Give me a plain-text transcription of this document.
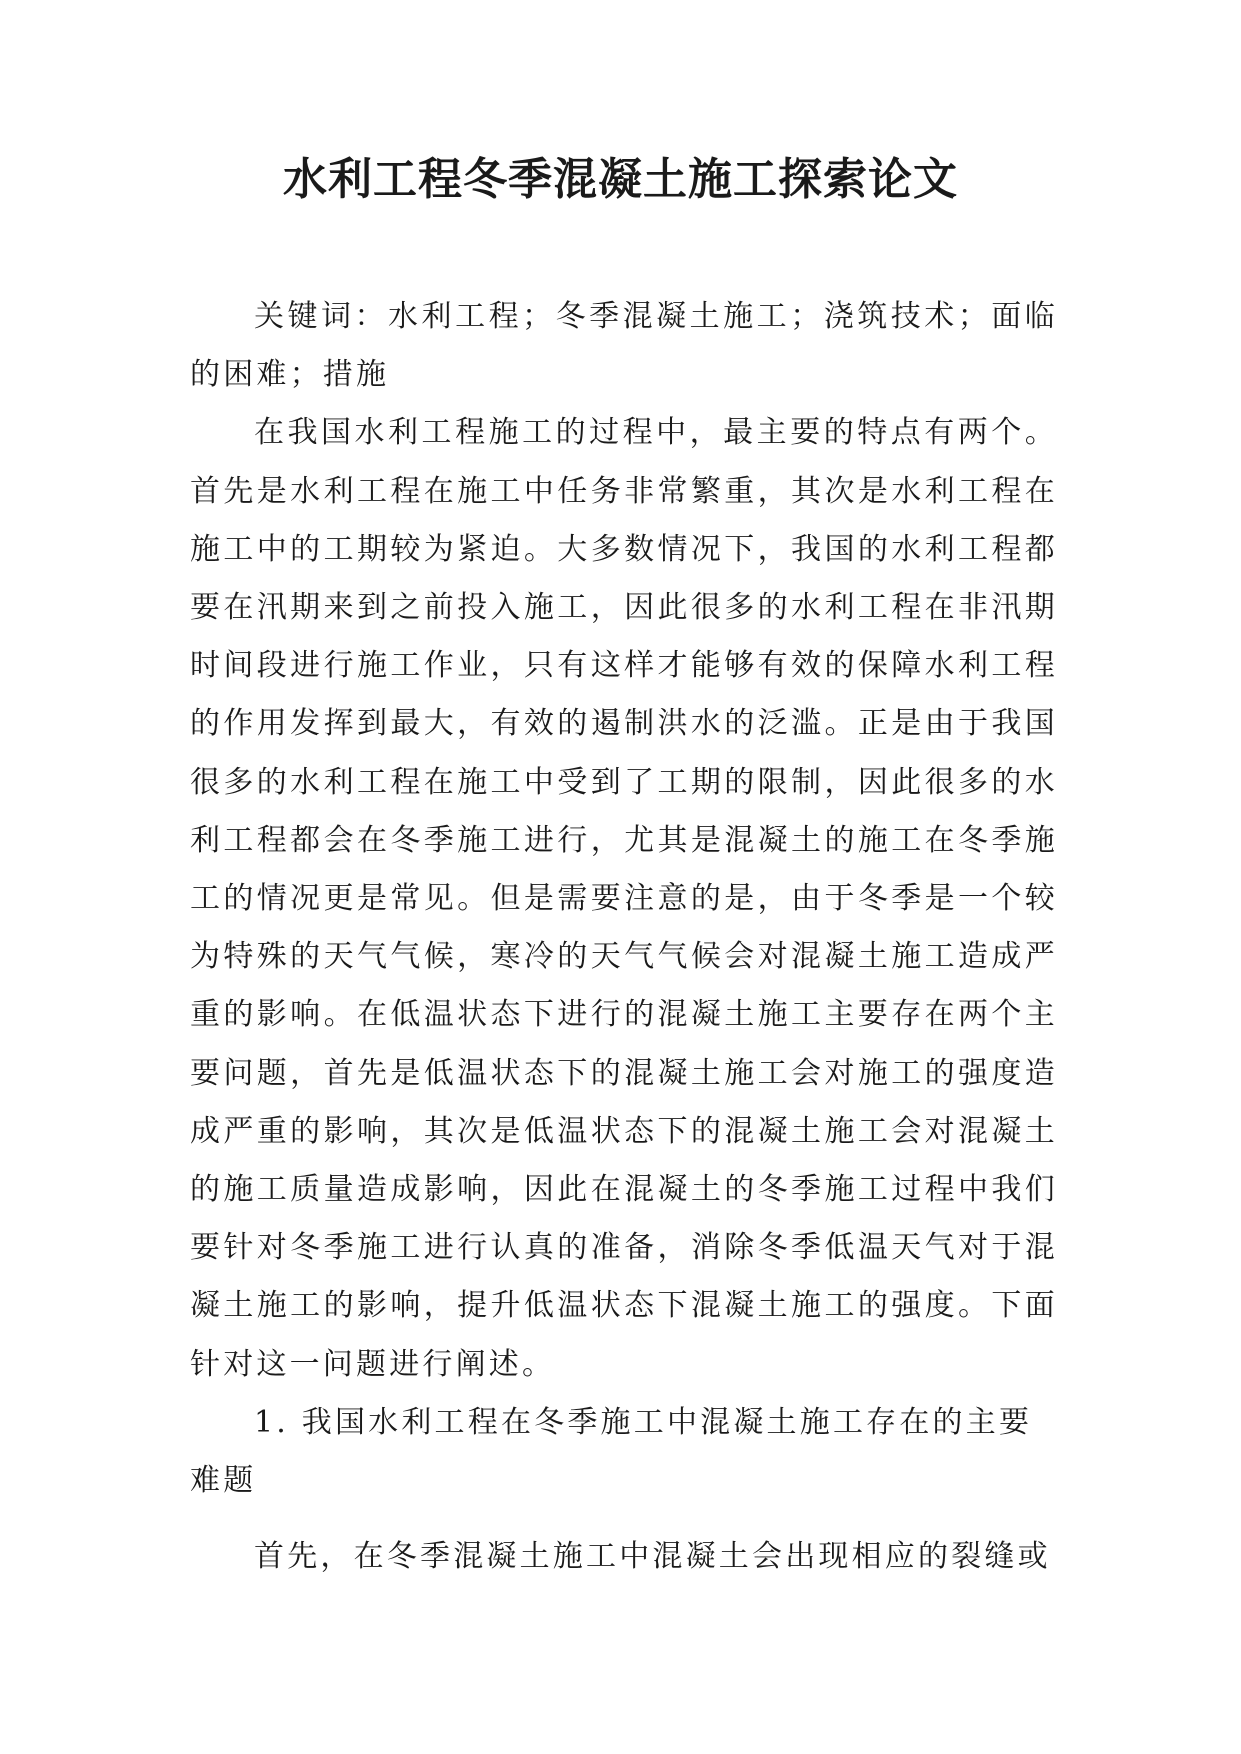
水利工程冬季混凝土施工探索论文

关键词：水利工程；冬季混凝土施工；浇筑技术；面临的困难；措施

在我国水利工程施工的过程中，最主要的特点有两个。首先是水利工程在施工中任务非常繁重，其次是水利工程在施工中的工期较为紧迫。大多数情况下，我国的水利工程都要在汛期来到之前投入施工，因此很多的水利工程在非汛期时间段进行施工作业，只有这样才能够有效的保障水利工程的作用发挥到最大，有效的遏制洪水的泛滥。正是由于我国很多的水利工程在施工中受到了工期的限制，因此很多的水利工程都会在冬季施工进行，尤其是混凝土的施工在冬季施工的情况更是常见。但是需要注意的是，由于冬季是一个较为特殊的天气气候，寒冷的天气气候会对混凝土施工造成严重的影响。在低温状态下进行的混凝土施工主要存在两个主要问题，首先是低温状态下的混凝土施工会对施工的强度造成严重的影响，其次是低温状态下的混凝土施工会对混凝土的施工质量造成影响，因此在混凝土的冬季施工过程中我们要针对冬季施工进行认真的准备，消除冬季低温天气对于混凝土施工的影响，提升低温状态下混凝土施工的强度。下面针对这一问题进行阐述。

1. 我国水利工程在冬季施工中混凝土施工存在的主要难题

首先，在冬季混凝土施工中混凝土会出现相应的裂缝或
